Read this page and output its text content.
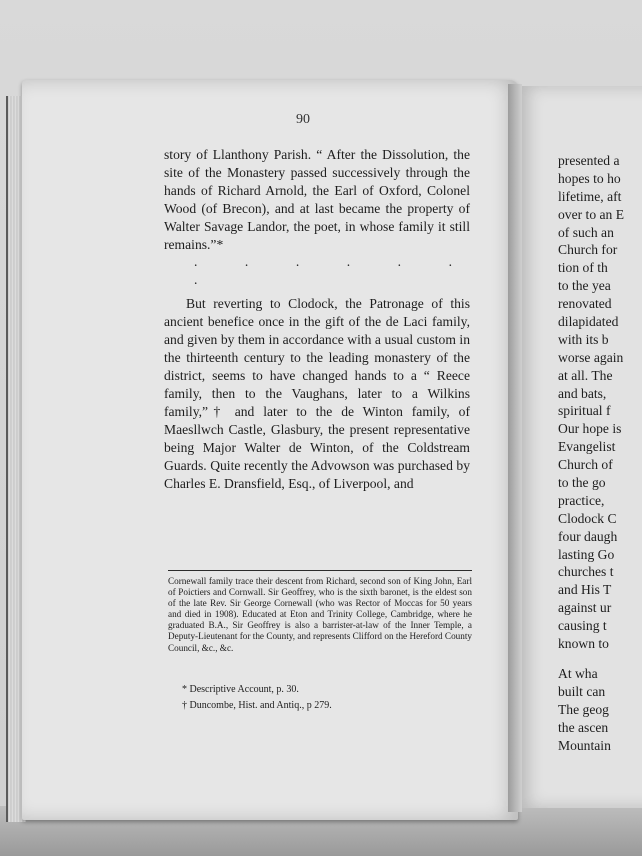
presented a
hopes to ho
lifetime, aft
over to an E
of such an
Church for
tion of th
to the yea
renovated
dilapidated
with its b
worse again
at all. The
and bats,
spiritual f
Our hope is
Evangelist
Church of
to the go
practice,
Clodock C
four daugh
lasting Go
churches t
and His T
against ur
causing t
known to
At wha
built can
The geog
the ascen
Mountain
90

story of Llanthony Parish. “ After the Dissolution, the site of the Monastery passed successively through the hands of Richard Arnold, the Earl of Oxford, Colonel Wood (of Brecon), and at last became the property of Walter Savage Landor, the poet, in whose family it still remains.”*

. . . . . . .

But reverting to Clodock, the Patronage of this ancient benefice once in the gift of the de Laci family, and given by them in accordance with a usual custom in the thirteenth century to the leading monastery of the district, seems to have changed hands to a “ Reece family, then to the Vaughans, later to a Wilkins family,”† and later to the de Winton family, of Maesllwch Castle, Glasbury, the present representative being Major Walter de Winton, of the Coldstream Guards. Quite recently the Advowson was purchased by Charles E. Dransfield, Esq., of Liverpool, and

Cornewall family trace their descent from Richard, second son of King John, Earl of Poictiers and Cornwall. Sir Geoffrey, who is the sixth baronet, is the eldest son of the late Rev. Sir George Cornewall (who was Rector of Moccas for 50 years and died in 1908). Educated at Eton and Trinity College, Cambridge, where he graduated B.A., Sir Geoffrey is also a barrister-at-law of the Inner Temple, a Deputy-Lieutenant for the County, and represents Clifford on the Hereford County Council, &c., &c.

* Descriptive Account, p. 30.
† Duncombe, Hist. and Antiq., p 279.
